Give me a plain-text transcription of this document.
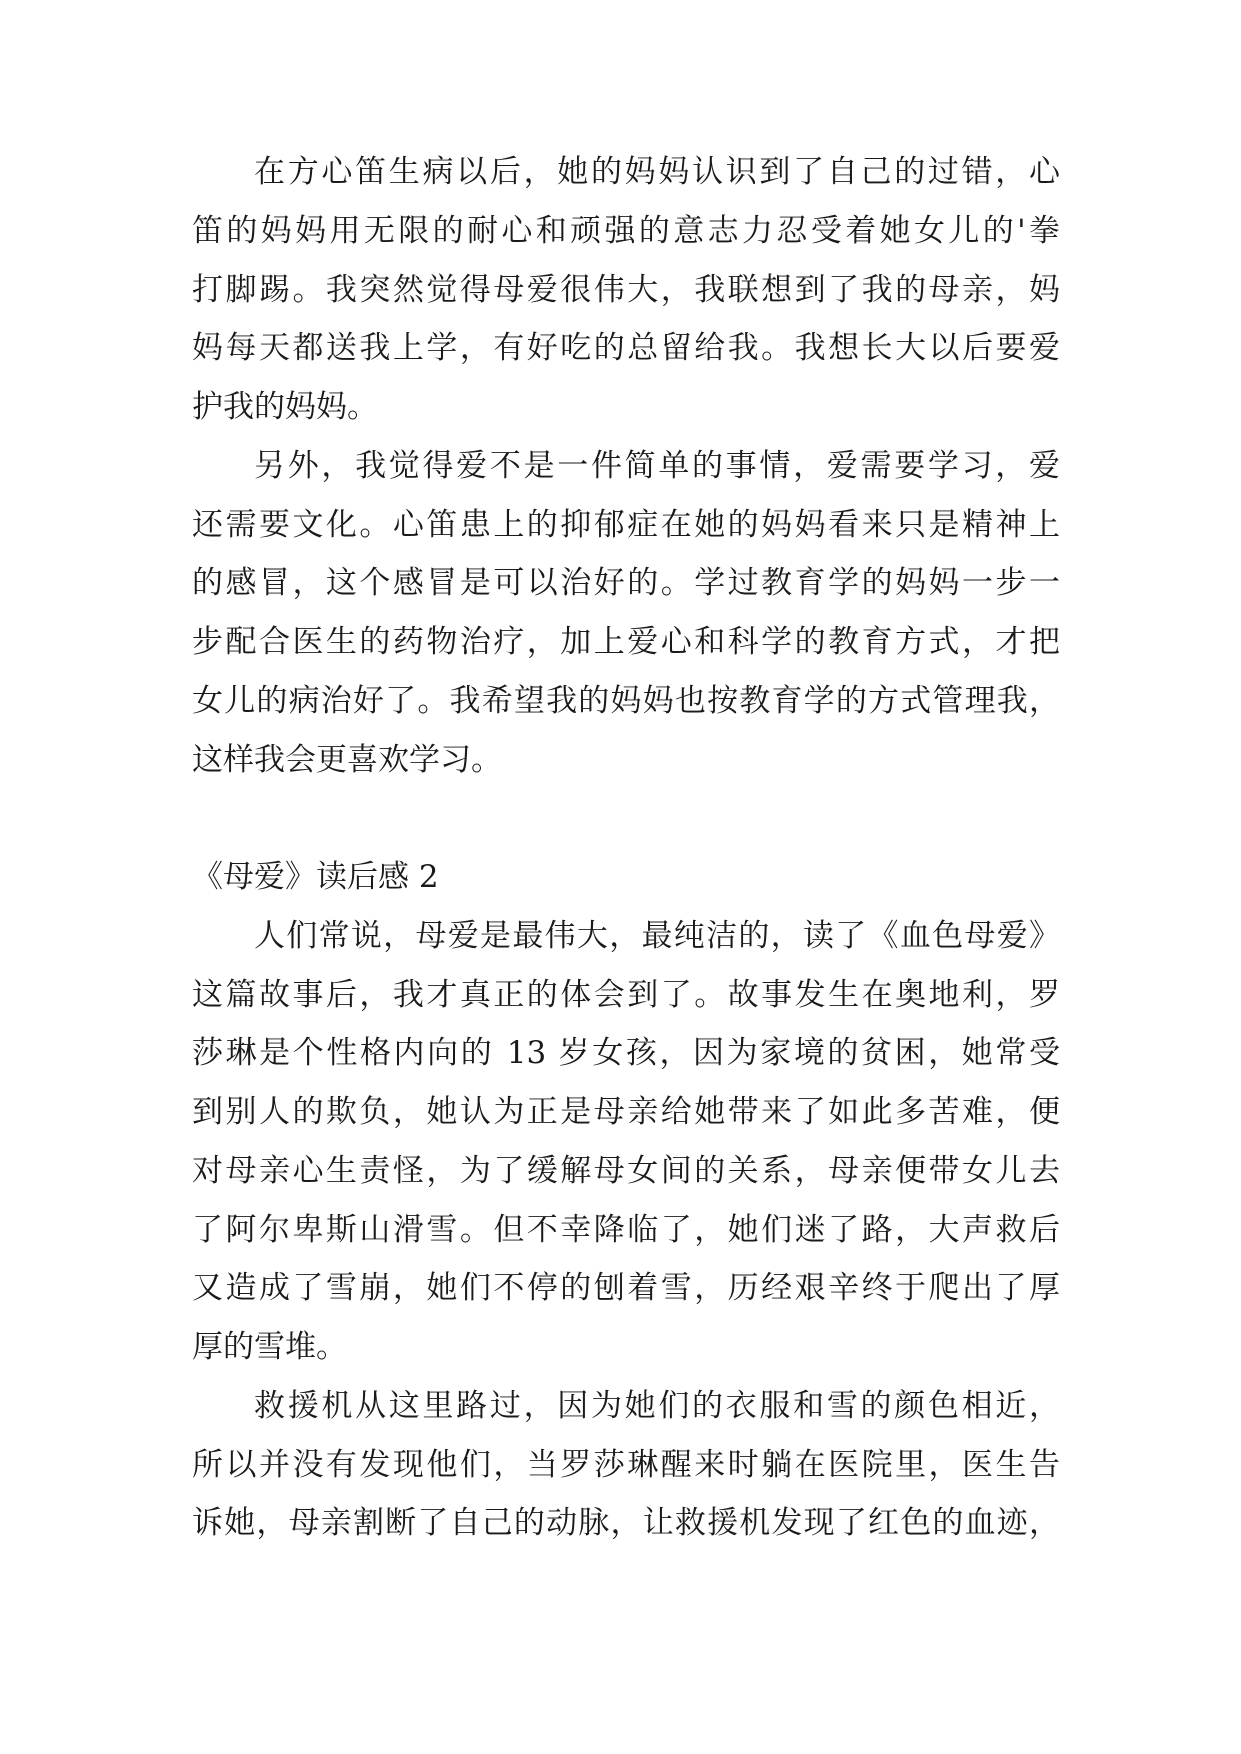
在方心笛生病以后，她的妈妈认识到了自己的过错，心
笛的妈妈用无限的耐心和顽强的意志力忍受着她女儿的'拳
打脚踢。我突然觉得母爱很伟大，我联想到了我的母亲，妈
妈每天都送我上学，有好吃的总留给我。我想长大以后要爱
护我的妈妈。
另外，我觉得爱不是一件简单的事情，爱需要学习，爱
还需要文化。心笛患上的抑郁症在她的妈妈看来只是精神上
的感冒，这个感冒是可以治好的。学过教育学的妈妈一步一
步配合医生的药物治疗，加上爱心和科学的教育方式，才把
女儿的病治好了。我希望我的妈妈也按教育学的方式管理我，
这样我会更喜欢学习。
《母爱》读后感 2
人们常说，母爱是最伟大，最纯洁的，读了《血色母爱》
这篇故事后，我才真正的体会到了。故事发生在奥地利，罗
莎琳是个性格内向的 13 岁女孩，因为家境的贫困，她常受
到别人的欺负，她认为正是母亲给她带来了如此多苦难，便
对母亲心生责怪，为了缓解母女间的关系，母亲便带女儿去
了阿尔卑斯山滑雪。但不幸降临了，她们迷了路，大声救后
又造成了雪崩，她们不停的刨着雪，历经艰辛终于爬出了厚
厚的雪堆。
救援机从这里路过，因为她们的衣服和雪的颜色相近，
所以并没有发现他们，当罗莎琳醒来时躺在医院里，医生告
诉她，母亲割断了自己的动脉，让救援机发现了红色的血迹，
